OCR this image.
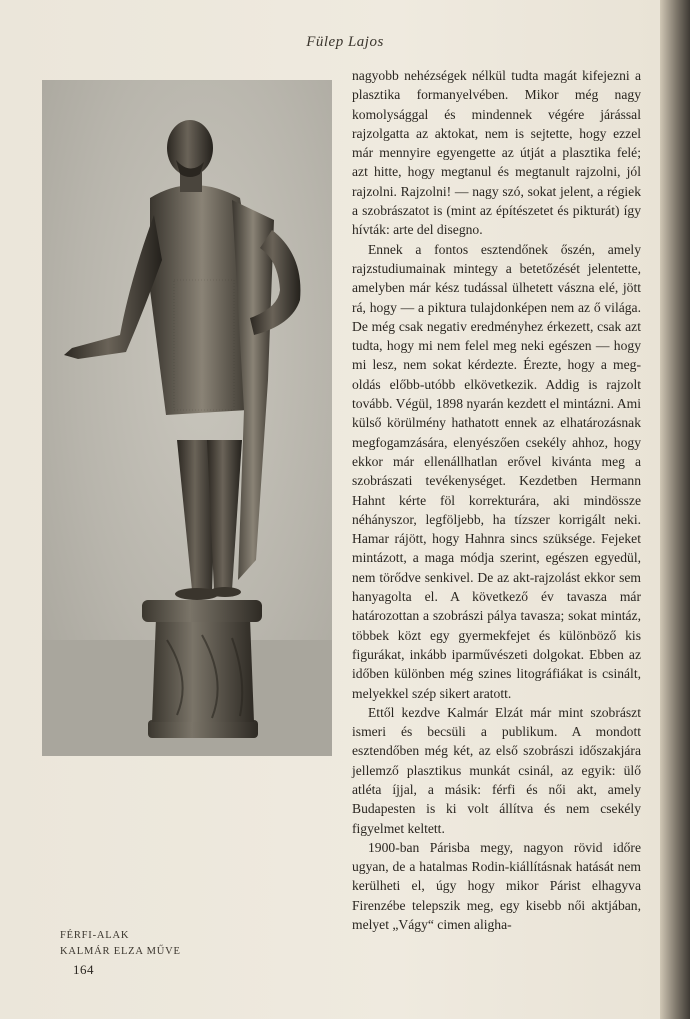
Fülep Lajos

nagyobb nehézségek nélkül tudta magát kifejezni a plasztika formanyelvében. Mikor még nagy komolysággal és mindennek végére járással rajzolgatta az aktokat, nem is sejtette, hogy ezzel már mennyire egyengette az útját a plasztika felé; azt hitte, hogy megtanul és megtanult rajzolni, jól rajzolni. Rajzolni! — nagy szó, sokat jelent, a régiek a szobrászatot is (mint az építészetet és pikturát) így hívták: arte del disegno.

Ennek a fontos esztendőnek őszén, amely rajzstudiumainak mintegy a betetőzését jelentette, amelyben már kész tudással ülhetett vászna elé, jött rá, hogy — a piktura tulajdonképen nem az ő világa. De még csak negativ eredményhez érkezett, csak azt tudta, hogy mi nem felel meg neki egészen — hogy mi lesz, nem sokat kérdezte. Érezte, hogy a megoldás előbb-utóbb elkövetkezik. Addig is rajzolt tovább. Végül, 1898 nyarán kezdett el mintázni. Ami külső körülmény hathatott ennek az elhatározásnak megfogamzására, elenyészően csekély ahhoz, hogy ekkor már ellenállhatlan erővel kivánta meg a szobrászati tevékenységet. Kezdetben Hermann Hahnt kérte föl korrekturára, aki mindössze néhányszor, legföljebb, ha tízszer korrigált neki. Hamar rájött, hogy Hahnra sincs szüksége. Fejeket mintázott, a maga módja szerint, egészen egyedül, nem törődve senkivel. De az akt-rajzolást ekkor sem hanyagolta el. A következő év tavasza már határozottan a szobrászi pálya tavasza; sokat mintáz, többek közt egy gyermekfejet és különböző kis figurákat, inkább iparművészeti dolgokat. Ebben az időben különben még szines litográfiákat is csinált, melyekkel szép sikert aratott.

Ettől kezdve Kalmár Elzát már mint szobrászt ismeri és becsüli a publikum. A mondott esztendőben még két, az első szobrászi időszakjára jellemző plasztikus munkát csinál, az egyik: ülő atléta íjjal, a másik: férfi és női akt, amely Budapesten is ki volt állítva és nem csekély figyelmet keltett.

1900-ban Párisba megy, nagyon rövid időre ugyan, de a hatalmas Rodin-kiállításnak hatását nem kerülheti el, úgy hogy mikor Párist elhagyva Firenzébe telepszik meg, egy kisebb női aktjában, melyet „Vágy“ cimen aligha-

FÉRFI-ALAK
KALMÁR ELZA MŰVE
164
